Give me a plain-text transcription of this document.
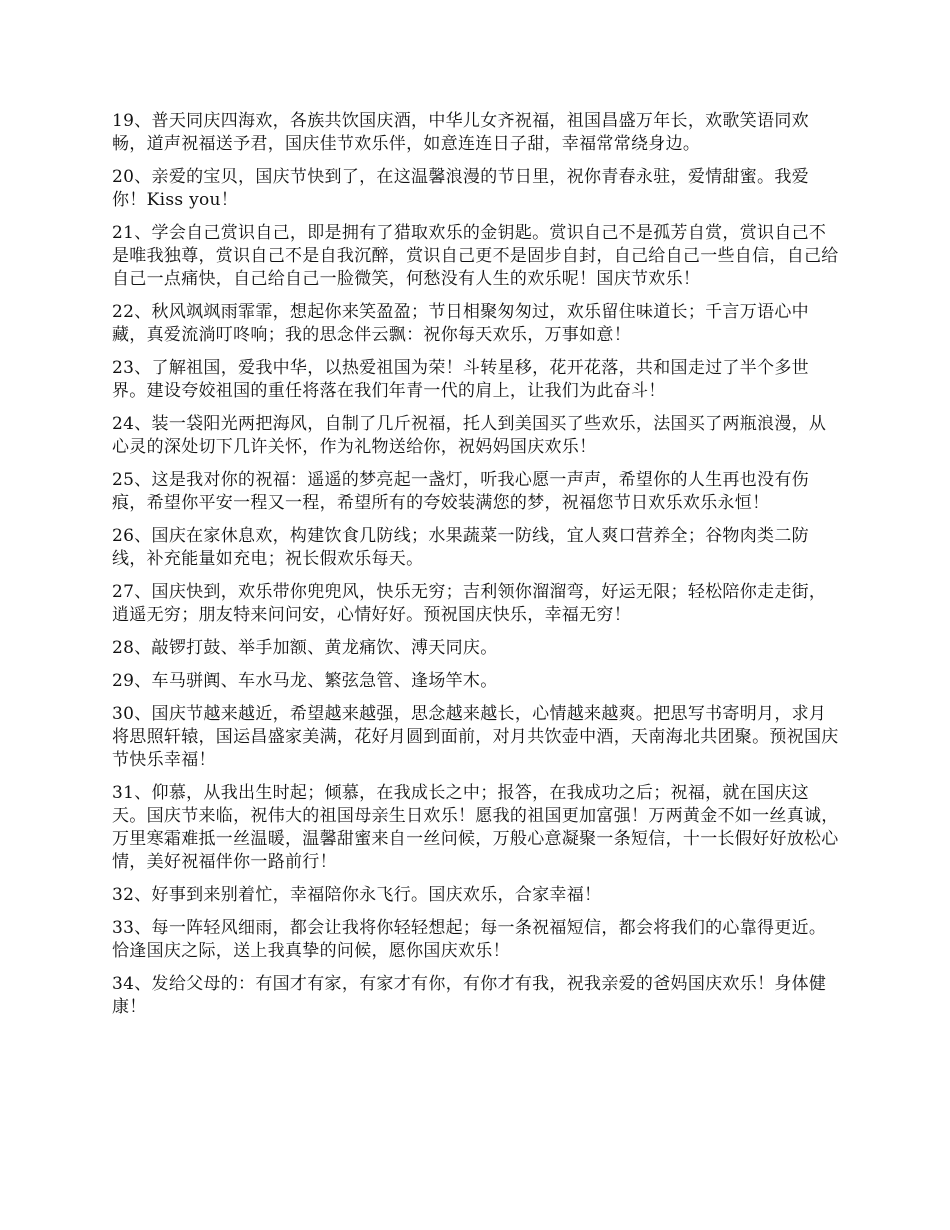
19、普天同庆四海欢，各族共饮国庆酒，中华儿女齐祝福，祖国昌盛万年长，欢歌笑语同欢畅，道声祝福送予君，国庆佳节欢乐伴，如意连连日子甜，幸福常常绕身边。

20、亲爱的宝贝，国庆节快到了，在这温馨浪漫的节日里，祝你青春永驻，爱情甜蜜。我爱你！Kiss you！

21、学会自己赏识自己，即是拥有了猎取欢乐的金钥匙。赏识自己不是孤芳自赏，赏识自己不是唯我独尊，赏识自己不是自我沉醉，赏识自己更不是固步自封，自己给自己一些自信，自己给自己一点痛快，自己给自己一脸微笑，何愁没有人生的欢乐呢！国庆节欢乐！

22、秋风飒飒雨霏霏，想起你来笑盈盈；节日相聚匆匆过，欢乐留住味道长；千言万语心中藏，真爱流淌叮咚响；我的思念伴云飘：祝你每天欢乐，万事如意！

23、了解祖国，爱我中华，以热爱祖国为荣！斗转星移，花开花落，共和国走过了半个多世界。建设夸姣祖国的重任将落在我们年青一代的肩上，让我们为此奋斗！

24、装一袋阳光两把海风，自制了几斤祝福，托人到美国买了些欢乐，法国买了两瓶浪漫，从心灵的深处切下几许关怀，作为礼物送给你，祝妈妈国庆欢乐！

25、这是我对你的祝福：遥遥的梦亮起一盏灯，听我心愿一声声，希望你的人生再也没有伤痕，希望你平安一程又一程，希望所有的夸姣装满您的梦，祝福您节日欢乐欢乐永恒！

26、国庆在家休息欢，构建饮食几防线；水果蔬菜一防线，宜人爽口营养全；谷物肉类二防线，补充能量如充电；祝长假欢乐每天。

27、国庆快到，欢乐带你兜兜风，快乐无穷；吉利领你溜溜弯，好运无限；轻松陪你走走街，逍遥无穷；朋友特来问问安，心情好好。预祝国庆快乐，幸福无穷！

28、敲锣打鼓、举手加额、黄龙痛饮、溥天同庆。

29、车马骈阗、车水马龙、繁弦急管、逢场竿木。

30、国庆节越来越近，希望越来越强，思念越来越长，心情越来越爽。把思写书寄明月，求月将思照轩辕，国运昌盛家美满，花好月圆到面前，对月共饮壶中酒，天南海北共团聚。预祝国庆节快乐幸福！

31、仰慕，从我出生时起；倾慕，在我成长之中；报答，在我成功之后；祝福，就在国庆这天。国庆节来临，祝伟大的祖国母亲生日欢乐！愿我的祖国更加富强！万两黄金不如一丝真诚，万里寒霜难抵一丝温暖，温馨甜蜜来自一丝问候，万般心意凝聚一条短信，十一长假好好放松心情，美好祝福伴你一路前行！

32、好事到来别着忙，幸福陪你永飞行。国庆欢乐，合家幸福！

33、每一阵轻风细雨，都会让我将你轻轻想起；每一条祝福短信，都会将我们的心靠得更近。恰逢国庆之际，送上我真挚的问候，愿你国庆欢乐！

34、发给父母的：有国才有家，有家才有你，有你才有我，祝我亲爱的爸妈国庆欢乐！身体健康！
